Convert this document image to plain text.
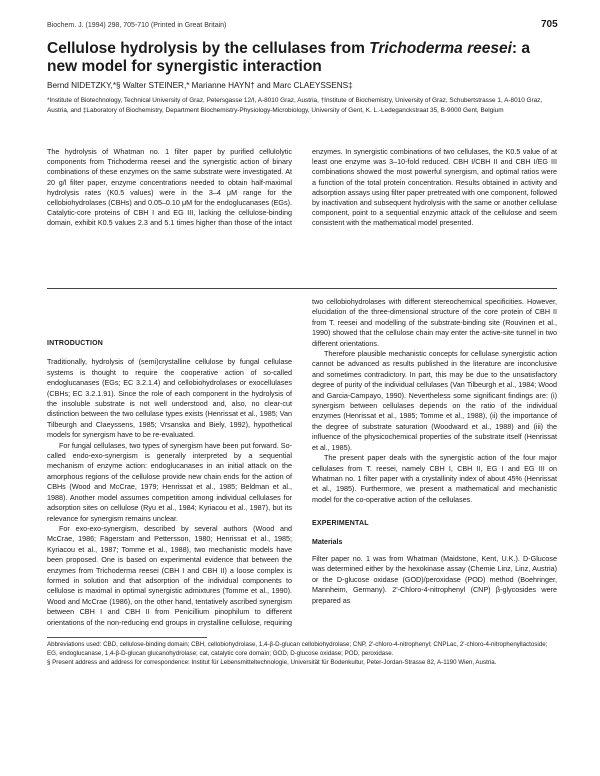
Biochem. J. (1994) 298, 705-710 (Printed in Great Britain)	705
Cellulose hydrolysis by the cellulases from Trichoderma reesei: a new model for synergistic interaction
Bernd NIDETZKY,*§ Walter STEINER,* Marianne HAYN† and Marc CLAEYSSENS‡
*Institute of Biotechnology, Technical University of Graz, Petersgasse 12/I, A-8010 Graz, Austria, †Institute of Biochemistry, University of Graz, Schubertstrasse 1, A-8010 Graz, Austria, and ‡Laboratory of Biochemistry, Department Biochemistry-Physiology-Microbiology, University of Gent, K. L.-Ledeganckstraat 35, B-9000 Gent, Belgium

The hydrolysis of Whatman no. 1 filter paper by purified cellulolytic components from Trichoderma reesei and the synergistic action of binary combinations of these enzymes on the same substrate were investigated. At 20 g/l filter paper, enzyme concentrations needed to obtain half-maximal hydrolysis rates (K0.5 values) were in the 3–4 μM range for the cellobiohydrolases (CBHs) and 0.05–0.10 μM for the endoglucanases (EGs). Catalytic-core proteins of CBH I and EG III, lacking the cellulose-binding domain, exhibit K0.5 values 2.3 and 5.1 times higher than those of the intact enzymes. In synergistic combinations of two cellulases, the K0.5 value of at least one enzyme was 3–10-fold reduced. CBH I/CBH II and CBH I/EG III combinations showed the most powerful synergism, and optimal ratios were a function of the total protein concentration. Results obtained in activity and adsorption assays using filter paper pretreated with one component, followed by inactivation and subsequent hydrolysis with the same or another cellulase component, point to a sequential enzymic attack of the cellulose and seem consistent with the mathematical model presented.

INTRODUCTION

Traditionally, hydrolysis of (semi)crystalline cellulose by fungal cellulase systems is thought to require the cooperative action of so-called endoglucanases (EGs; EC 3.2.1.4) and cellobiohydrolases or exocellulases (CBHs; EC 3.2.1.91). Since the role of each component in the hydrolysis of the insoluble substrate is not well understood and, also, no clear-cut distinction between the two cellulase types exists (Henrissat et al., 1985; Van Tilbeurgh and Claeyssens, 1985; Vrsanska and Biely, 1992), hypothetical models for synergism have to be re-evaluated.

For fungal cellulases, two types of synergism have been put forward. So-called endo-exo-synergism is generally interpreted by a sequential mechanism of enzyme action: endoglucanases in an initial attack on the amorphous regions of the cellulose provide new chain ends for the action of CBHs (Wood and McCrae, 1979; Henrissat et al., 1985; Beldman et al., 1988). Another model assumes competition among individual cellulases for adsorption sites on cellulose (Ryu et al., 1984; Kyriacou et al., 1987), but its relevance for synergism remains unclear.

For exo-exo-synergism, described by several authors (Wood and McCrae, 1986; Fägerstam and Pettersson, 1980; Henrissat et al., 1985; Kyriacou et al., 1987; Tomme et al., 1988), two mechanistic models have been proposed. One is based on experimental evidence that between the enzymes from Trichoderma reesei (CBH I and CBH II) a loose complex is formed in solution and that adsorption of the individual components to cellulose is maximal in optimal synergistic admixtures (Tomme et al., 1990). Wood and McCrae (1986), on the other hand, tentatively ascribed synergism between CBH I and CBH II from Penicillium pinophilum to different orientations of the non-reducing end groups in crystalline cellulose, requiring two cellobiohydrolases with different stereochemical specificities. However, elucidation of the three-dimensional structure of the core protein of CBH II from T. reesei and modelling of the substrate-binding site (Rouvinen et al., 1990) showed that the cellulose chain may enter the active-site tunnel in two different orientations.

Therefore plausible mechanistic concepts for cellulase synergistic action cannot be advanced as results published in the literature are inconclusive and sometimes contradictory. In part, this may be due to the unsatisfactory degree of purity of the individual cellulases (Van Tilbeurgh et al., 1984; Wood and Garcia-Campayo, 1990). Nevertheless some significant findings are: (i) synergism between cellulases depends on the ratio of the individual enzymes (Henrissat et al., 1985; Tomme et al., 1988), (ii) the importance of the degree of substrate saturation (Woodward et al., 1988) and (iii) the influence of the physicochemical properties of the substrate itself (Henrissat et al., 1985).

The present paper deals with the synergistic action of the four major cellulases from T. reesei, namely CBH I, CBH II, EG I and EG III on Whatman no. 1 filter paper with a crystallinity index of about 45% (Henrissat et al., 1985). Furthermore, we present a mathematical and mechanistic model for the co-operative action of the cellulases.

EXPERIMENTAL
Materials

Filter paper no. 1 was from Whatman (Maidstone, Kent, U.K.). D-Glucose was determined either by the hexokinase assay (Chemie Linz, Linz, Austria) or the D-glucose oxidase (GOD)/peroxidase (POD) method (Boehringer, Mannheim, Germany). 2'-Chloro-4-nitrophenyl (CNP) β-glycosides were prepared as

Abbreviations used: CBD, cellulose-binding domain; CBH, cellobiohydrolase, 1,4-β-D-glucan cellobiohydrolase; CNP, 2'-chloro-4-nitrophenyl; CNPLac, 2'-chloro-4-nitrophenyllactoside; EG, endoglucanase, 1,4-β-D-glucan glucanohydrolase; cat, catalytic core domain; GOD, D-glucose oxidase; POD, peroxidase.

§ Present address and address for correspondence: Institut für Lebensmitteltechnologie, Universität für Bodenkultur, Peter-Jordan-Strasse 82, A-1190 Wien, Austria.
